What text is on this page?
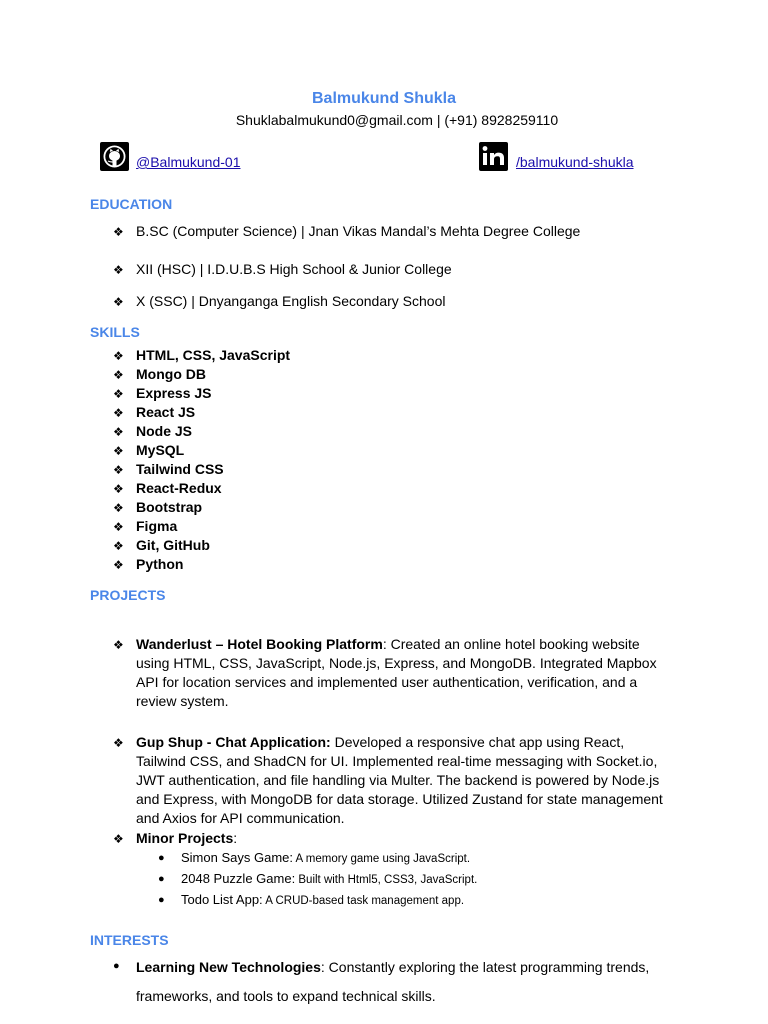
Balmukund Shukla
Shuklabalmukund0@gmail.com | (+91) 8928259110
@Balmukund-01	/balmukund-shukla
EDUCATION
❖ B.SC (Computer Science) | Jnan Vikas Mandal’s Mehta Degree College
❖ XII (HSC) | I.D.U.B.S High School & Junior College
❖ X (SSC) | Dnyanganga English Secondary School
SKILLS
❖ HTML, CSS, JavaScript
❖ Mongo DB
❖ Express JS
❖ React JS
❖ Node JS
❖ MySQL
❖ Tailwind CSS
❖ React-Redux
❖ Bootstrap
❖ Figma
❖ Git, GitHub
❖ Python
PROJECTS
❖ Wanderlust – Hotel Booking Platform: Created an online hotel booking website using HTML, CSS, JavaScript, Node.js, Express, and MongoDB. Integrated Mapbox API for location services and implemented user authentication, verification, and a review system.
❖ Gup Shup - Chat Application: Developed a responsive chat app using React, Tailwind CSS, and ShadCN for UI. Implemented real-time messaging with Socket.io, JWT authentication, and file handling via Multer. The backend is powered by Node.js and Express, with MongoDB for data storage. Utilized Zustand for state management and Axios for API communication.
❖ Minor Projects:
● Simon Says Game: A memory game using JavaScript.
● 2048 Puzzle Game: Built with Html5, CSS3, JavaScript.
● Todo List App: A CRUD-based task management app.
INTERESTS
● Learning New Technologies: Constantly exploring the latest programming trends,
frameworks, and tools to expand technical skills.
